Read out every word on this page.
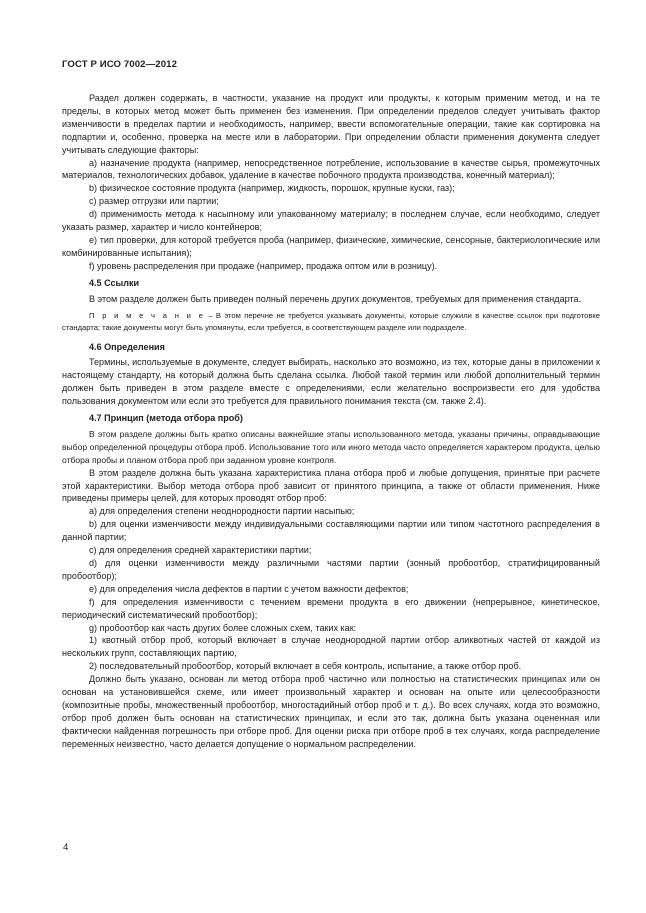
ГОСТ Р ИСО 7002—2012

Раздел должен содержать, в частности, указание на продукт или продукты, к которым применим метод, и на те пределы, в которых метод может быть применен без изменения. При определении пределов следует учитывать фактор изменчивости в пределах партии и необходимость, например, ввести вспомогательные операции, такие как сортировка на подпартии и, особенно, проверка на месте или в лаборатории. При определении области применения документа следует учитывать следующие факторы:

a) назначение продукта (например, непосредственное потребление, использование в качестве сырья, промежуточных материалов, технологических добавок, удаление в качестве побочного продукта производства, конечный материал);

b) физическое состояние продукта (например, жидкость, порошок, крупные куски, газ);

c) размер отгрузки или партии;

d) применимость метода к насыпному или упакованному материалу; в последнем случае, если необходимо, следует указать размер, характер и число контейнеров;

e) тип проверки, для которой требуется проба (например, физические, химические, сенсорные, бактериологические или комбинированные испытания);

f) уровень распределения при продаже (например, продажа оптом или в розницу).

4.5 Ссылки

В этом разделе должен быть приведен полный перечень других документов, требуемых для применения стандарта.

П р и м е ч а н и е – В этом перечне не требуется указывать документы, которые служили в качестве ссылок при подготовке стандарта; такие документы могут быть упомянуты, если требуется, в соответствующем разделе или подразделе.

4.6 Определения

Термины, используемые в документе, следует выбирать, насколько это возможно, из тех, которые даны в приложении к настоящему стандарту, на который должна быть сделана ссылка. Любой такой термин или любой дополнительный термин должен быть приведен в этом разделе вместе с определениями, если желательно воспроизвести его для удобства пользования документом или если это требуется для правильного понимания текста (см. также 2.4).

4.7 Принцип (метода отбора проб)

В этом разделе должны быть кратко описаны важнейшие этапы использованного метода, указаны причины, оправдывающие выбор определенной процедуры отбора проб. Использование того или иного метода часто определяется характером продукта, целью отбора пробы и планом отбора проб при заданном уровне контроля.

В этом разделе должна быть указана характеристика плана отбора проб и любые допущения, принятые при расчете этой характеристики. Выбор метода отбора проб зависит от принятого принципа, а также от области применения. Ниже приведены примеры целей, для которых проводят отбор проб:

a) для определения степени неоднородности партии насыпью;

b) для оценки изменчивости между индивидуальными составляющими партии или типом частотного распределения в данной партии;

c) для определения средней характеристики партии;

d) для оценки изменчивости между различными частями партии (зонный пробоотбор, стратифицированный пробоотбор);

e) для определения числа дефектов в партии с учетом важности дефектов;

f) для определения изменчивости с течением времени продукта в его движении (непрерывное, кинетическое, периодический систематический пробоотбор);

g) пробоотбор как часть других более сложных схем, таких как:

1) квотный отбор проб, который включает в случае неоднородной партии отбор аликвотных частей от каждой из нескольких групп, составляющих партию,

2) последовательный пробоотбор, который включает в себя контроль, испытание, а также отбор проб.

Должно быть указано, основан ли метод отбора проб частично или полностью на статистических принципах или он основан на установившейся схеме, или имеет произвольный характер и основан на опыте или целесообразности (композитные пробы, множественный пробоотбор, многостадийный отбор проб и т. д.). Во всех случаях, когда это возможно, отбор проб должен быть основан на статистических принципах, и если это так, должна быть указана оцененная или фактически найденная погрешность при отборе проб. Для оценки риска при отборе проб в тех случаях, когда распределение переменных неизвестно, часто делается допущение о нормальном распределении.

4
